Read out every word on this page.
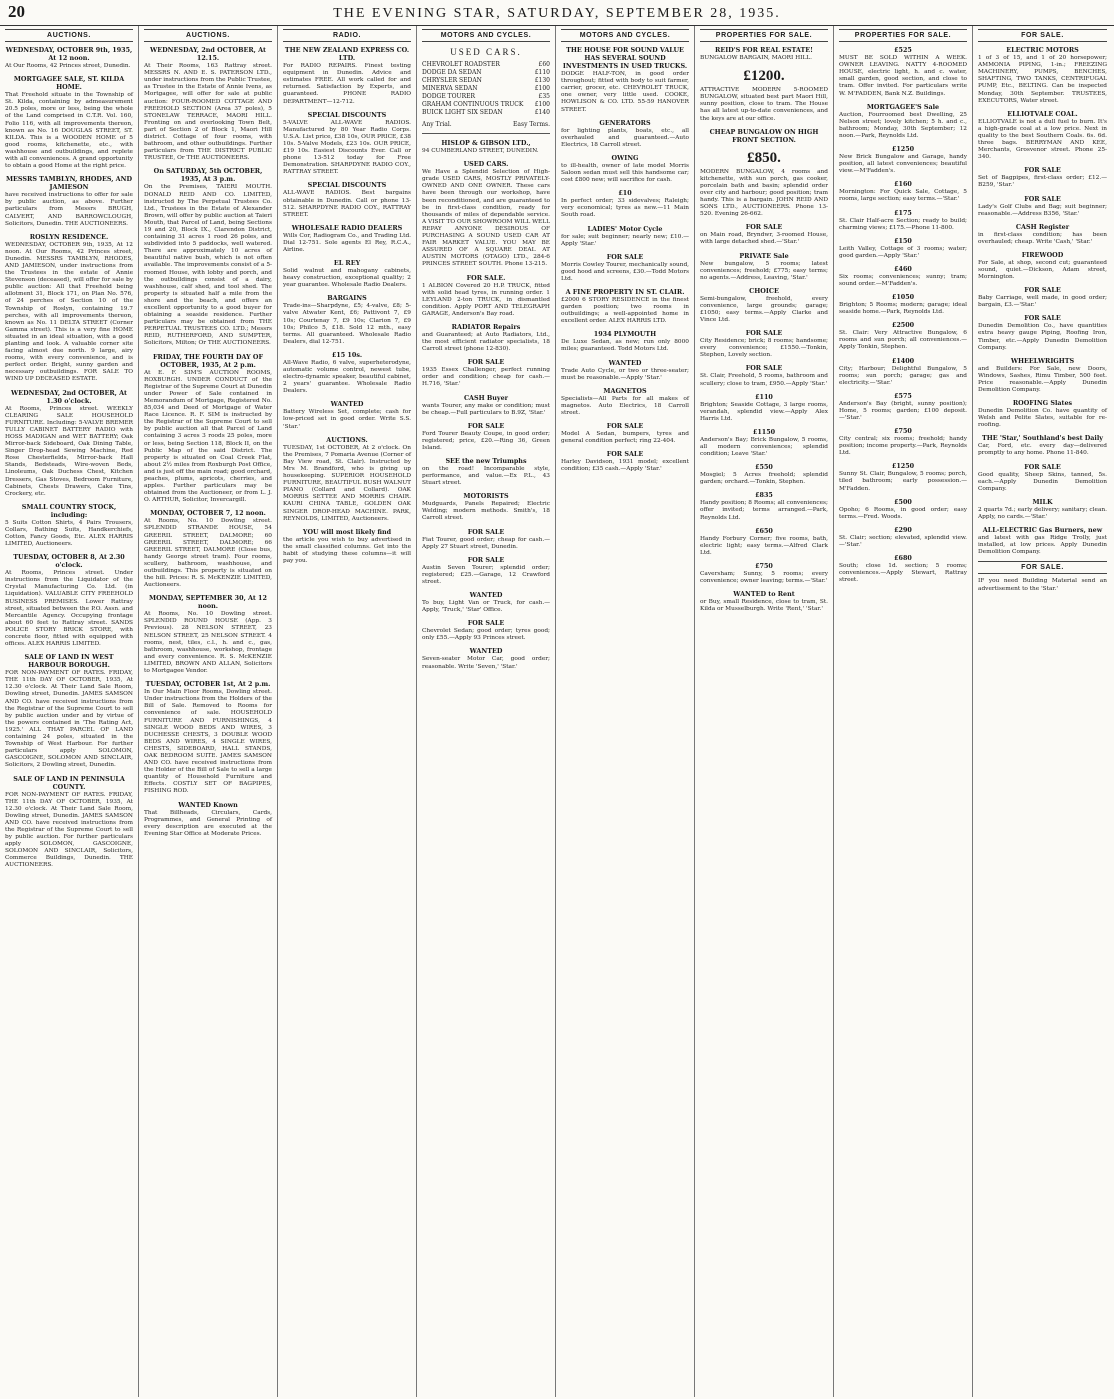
20	THE EVENING STAR, SATURDAY, SEPTEMBER 28, 1935.
AUCTIONS.
WEDNESDAY, OCTOBER 9th, 1935, At 12 noon.
At Our Rooms, 42 Princes street, Dunedin.
MORTGAGEE SALE, ST. KILDA HOME.
That Freehold situate in the Township of St. Kilda, containing by admeasurement 20.5 poles, more or less, being the whole of the Land comprised in C.T.R. Vol. 160, Folio 116, with all improvements thereon, known as No. 16 DOUGLAS STREET, ST. KILDA. This is a WOODEN HOME of 5 good rooms, kitchenette, etc., with washhouse and outbuildings, and replete with all conveniences. A grand opportunity to obtain a good Home at the right price.
MESSRS TAMBLYN, RHODES, AND JAMIESON
have received instructions to offer for sale by public auction, as above. Further particulars from Messrs BRUGH, CALVERT, AND BARROWCLOUGH, Solicitors, Dunedin. THE AUCTIONEERS.
ROSLYN RESIDENCE.
WEDNESDAY, OCTOBER 9th, 1935, At 12 noon. At Our Rooms, 42 Princes street, Dunedin. MESSRS TAMBLYN, RHODES, AND JAMIESON, under instructions from the Trustees in the estate of Annie Stevenson (deceased), will offer for sale by public auction: All that Freehold being allotment 31, Block 171, on Plan No. 576, of 24 perches of Section 10 of the Township of Roslyn, containing 19.7 perches, with all improvements thereon, known as No. 11 DELTA STREET (Corner Gamma street). This is a very fine HOME situated in an ideal situation, with a good planting and look. A valuable corner site facing almost due north. 9 large, airy rooms, with every convenience, and is perfect order. Bright, sunny garden and necessary outbuildings. FOR SALE TO WIND UP DECEASED ESTATE.
WEDNESDAY, 2nd OCTOBER, At 1.30 o'clock.
At Rooms, Princes street. WEEKLY CLEARING SALE HOUSEHOLD FURNITURE. Including: 5-VALVE BREMER TULLY CABINET BATTERY RADIO with HOSS MADIGAN and WET BATTERY; Oak Mirror-back Sideboard, Oak Dining Table, Singer Drop-head Sewing Machine, Red Rose Chesterfields, Mirror-back Hall Stands, Bedsteads, Wire-woven Beds, Linoleums, Oak Duchess Chest, Kitchen Dressers, Gas Stoves, Bedroom Furniture, Cabinets, Chests Drawers, Cake Tins, Crockery, etc.
SMALL COUNTRY STOCK, including:
5 Suits Cotton Shirts, 4 Pairs Trousers, Collars, Bathing Suits, Handkerchiefs, Cotton, Fancy Goods, Etc. ALEX HARRIS LIMITED, Auctioneers.
TUESDAY, OCTOBER 8, At 2.30 o'clock.
At Rooms, Princes street. Under instructions from the Liquidator of the Crystal Manufacturing Co. Ltd. (in Liquidation). VALUABLE CITY FREEHOLD BUSINESS PREMISES. Lower Rattray street, situated between the P.O. Assn. and Mercantile Agency. Occupying frontage about 60 feet to Rattray street. SANDS POLICE STORY BRICK STORE, with concrete floor, fitted with equipped with offices. ALEX HARRIS LIMITED.
SALE OF LAND IN WEST HARBOUR BOROUGH.
FOR NON-PAYMENT OF RATES. FRIDAY, THE 11th DAY OF OCTOBER, 1935, At 12.30 o'clock. At Their Land Sale Room, Dowling street, Dunedin. JAMES SAMSON AND CO. have received instructions from the Registrar of the Supreme Court to sell by public auction under and by virtue of the powers contained in 'The Rating Act, 1925.' ALL THAT PARCEL OF LAND containing 24 poles, situated in the Township of West Harbour. For further particulars apply SOLOMON, GASCOIGNE, SOLOMON AND SINCLAIR, Solicitors, 2 Dowling street, Dunedin.
SALE OF LAND IN PENINSULA COUNTY.
FOR NON-PAYMENT OF RATES. FRIDAY, THE 11th DAY OF OCTOBER, 1935, At 12.30 o'clock. At Their Land Sale Room, Dowling street, Dunedin. JAMES SAMSON AND CO. have received instructions from the Registrar of the Supreme Court to sell by public auction. For further particulars apply SOLOMON, GASCOIGNE, SOLOMON AND SINCLAIR, Solicitors, Commerce Buildings, Dunedin. THE AUCTIONEERS.
AUCTIONS.
WEDNESDAY, 2nd OCTOBER, At 12.15.
At Their Rooms, 163 Rattray street. MESSRS N. AND E. S. PATERSON LTD., under instructions from the Public Trustee, as Trustee in the Estate of Annie Ivens, as Mortgagee, will offer for sale at public auction: FOUR-ROOMED COTTAGE AND FREEHOLD SECTION (Area 37 poles), 5 STONELAW TERRACE, MAORI HILL. Fronting on and overlooking Town Belt, part of Section 2 of Block 1, Maori Hill district. Cottage of four rooms, with bathroom, and other outbuildings. Further particulars from THE DISTRICT PUBLIC TRUSTEE, Or THE AUCTIONEERS.
On SATURDAY, 5th OCTOBER, 1935, At 3 p.m.
On the Premises, TAIERI MOUTH. DONALD REID AND CO. LIMITED, instructed by The Perpetual Trustees Co. Ltd., Trustees in the Estate of Alexander Brown, will offer by public auction at Taieri Mouth, that Parcel of Land, being Sections 19 and 20, Block IX., Clarendon District, containing 31 acres 1 rood 26 poles, and subdivided into 5 paddocks, well watered. There are approximately 10 acres of beautiful native bush, which is not often available. The improvements consist of a 5-roomed House, with lobby and porch, and the outbuildings consist of a dairy, washhouse, calf shed, and tool shed. The property is situated half a mile from the shore and the beach, and offers an excellent opportunity to a good buyer for obtaining a seaside residence. Further particulars may be obtained from THE PERPETUAL TRUSTEES CO. LTD.; Messrs REID, RUTHERFORD, AND SUMPTER, Solicitors, Milton; Or THE AUCTIONEERS.
FRIDAY, THE FOURTH DAY OF OCTOBER, 1935, At 2 p.m.
At E. F. SIM'S AUCTION ROOMS, ROXBURGH. UNDER CONDUCT of the Registrar of the Supreme Court at Dunedin under Power of Sale contained in Memorandum of Mortgage, Registered No. 85,034 and Deed of Mortgage of Water Race Licence. R. F. SIM is instructed by the Registrar of the Supreme Court to sell by public auction all that Parcel of Land containing 3 acres 3 roods 25 poles, more or less, being Section 118, Block II, on the Public Map of the said District. The property is situated on Coal Creek Flat, about 2½ miles from Roxburgh Post Office, and is just off the main road; good orchard, peaches, plums, apricots, cherries, and apples. Further particulars may be obtained from the Auctioneer, or from L. J. O. ARTHUR, Solicitor, Invercargill.
MONDAY, OCTOBER 7, 12 noon.
At Rooms, No. 10 Dowling street. SPLENDID STRANDE HOUSE, 54 GREERIL STREET, DALMORE; 60 GREERIL STREET, DALMORE; 66 GREERIL STREET, DALMORE (Close bus, handy George street tram). Four rooms, scullery, bathroom, washhouse, and outbuildings. This property is situated on the hill. Prices: R. S. McKENZIE LIMITED, Auctioneers.
MONDAY, SEPTEMBER 30, At 12 noon.
At Rooms, No. 10 Dowling street. SPLENDID ROUND HOUSE (App. 3 Previous). 28 NELSON STREET, 23 NELSON STREET, 25 NELSON STREET. 4 rooms, nest, tiles, c.l., h. and c., gas, bathroom, washhouse, workshop, frontage and every convenience. R. S. McKENZIE LIMITED, BROWN AND ALLAN, Solicitors to Mortgagee Vendor.
TUESDAY, OCTOBER 1st, At 2 p.m.
In Our Main Floor Rooms, Dowling street. Under instructions from the Holders of the Bill of Sale. Removed to Rooms for convenience of sale. HOUSEHOLD FURNITURE AND FURNISHINGS, 4 SINGLE WOOD BEDS AND WIRES, 3 DUCHESSE CHESTS, 3 DOUBLE WOOD BEDS AND WIRES, 4 SINGLE WIRES, CHESTS, SIDEBOARD, HALL STANDS, OAK BEDROOM SUITE. JAMES SAMSON AND CO. have received instructions from the Holder of the Bill of Sale to sell a large quantity of Household Furniture and Effects. COSTLY SET OF BAGPIPES, FISHING ROD.
WANTED Known
That Billheads, Circulars, Cards, Programmes, and General Printing of every description are executed at the Evening Star Office at Moderate Prices.
RADIO.
THE NEW ZEALAND EXPRESS CO. LTD.
For RADIO REPAIRS. Finest testing equipment in Dunedin. Advice and estimates FREE. All work called for and returned. Satisfaction by Experts, and guaranteed. PHONE RADIO DEPARTMENT—12-712.
SPECIAL DISCOUNTS
5-VALVE ALL-WAVE RADIOS. Manufactured by 80 Year Radio Corps. U.S.A. List price, £38 10s, OUR PRICE, £38 10s. 5-Valve Models, £23 10s. OUR PRICE, £19 10s. Easiest Discounts Ever. Call or phone 13-512 today for Free Demonstration. SHARPDYNE RADIO COY., RATTRAY STREET.
SPECIAL DISCOUNTS
ALL-WAVE RADIOS. Best bargains obtainable in Dunedin. Call or phone 13-512. SHARPDYNE RADIO COY., RATTRAY STREET.
WHOLESALE RADIO DEALERS
Wills Cor, Radiogram Co., and Trading Ltd. Dial 12-751. Sole agents El Rey, R.C.A., Airline.
EL REY
Solid walnut and mahogany cabinets, heavy construction, exceptional quality; 2 year guarantee. Wholesale Radio Dealers.
BARGAINS
Trade-ins—Sharpdyne, £5; 4-valve, £8; 5-valve Atwater Kent, £6; Pattivont 7, £9 10s; Courtenay 7, £9 10s; Clarion 7, £9 10s; Philco 5, £18. Sold 12 mth., easy terms. All guaranteed. Wholesale Radio Dealers, dial 12-751.
£15 10s.
All-Wave Radio, 6 valve, superheterodyne, automatic volume control, newest tube, electro-dynamic speaker, beautiful cabinet, 2 years' guarantee. Wholesale Radio Dealers.
WANTED
Battery Wireless Set, complete; cash for low-priced set in good order. Write S.S. 'Star.'
AUCTIONS.
TUESDAY, 1st OCTOBER, At 2 o'clock. On the Premises, 7 Pomaria Avenue (Corner of Bay View road, St. Clair). Instructed by Mrs M. Brandford, who is giving up housekeeping. SUPERIOR HOUSEHOLD FURNITURE, BEAUTIFUL BUSH WALNUT PIANO (Collard and Collard). OAK MORRIS SETTEE AND MORRIS CHAIR. KAURI CHINA TABLE, GOLDEN OAK SINGER DROP-HEAD MACHINE. PARK, REYNOLDS, LIMITED, Auctioneers.
YOU will most likely find
the article you wish to buy advertised in the small classified columns. Get into the habit of studying these columns—it will pay you.
MOTORS AND CYCLES.
USED CARS.
CHEVROLET ROADSTER	£60
DODGE DA SEDAN	£110
CHRYSLER SEDAN	£130
MINERVA SEDAN	£100
DODGE TOURER	£35
GRAHAM CONTINUOUS TRUCK £100
BUICK LIGHT SIX SEDAN	£140
Any Trial.	Easy Terms.
HISLOP & GIBSON LTD.,
94 CUMBERLAND STREET, DUNEDIN.
USED CARS.
We Have a Splendid Selection of High-grade USED CARS, MOSTLY PRIVATELY-OWNED AND ONE OWNER. These cars have been through our workshop, have been reconditioned, and are guaranteed to be in first-class condition, ready for thousands of miles of dependable service. A VISIT TO OUR SHOWROOM WILL WELL REPAY ANYONE DESIROUS OF PURCHASING A SOUND USED CAR AT FAIR MARKET VALUE. YOU MAY BE ASSURED OF A SQUARE DEAL AT AUSTIN MOTORS (OTAGO) LTD., 284-6 PRINCES STREET SOUTH. Phone 13-215.
FOR SALE.
1 ALBION Covered 20 H.P. TRUCK, fitted with solid head tyres, in running order. 1 LEYLAND 2-ton TRUCK, in dismantled condition. Apply PORT AND TELEGRAPH GARAGE, Anderson's Bay road.
RADIATOR Repairs
and Guaranteed; at Auto Radiators, Ltd., the most efficient radiator specialists, 18 Carroll street (phone 12-830).
FOR SALE
1935 Essex Challenger, perfect running order and condition; cheap for cash.—H.716, 'Star.'
CASH Buyer
wants Tourer, any make or condition; must be cheap.—Full particulars to B.9Z, 'Star.'
FOR SALE
Ford Tourer Beauty Coupe, in good order; registered; price, £20.—Ring 36, Green Island.
SEE the new Triumphs
on the road! Incomparable style, performance, and value.—Ex P.L., 43 Stuart street.
MOTORISTS
Mudguards, Panels Repaired; Electric Welding; modern methods. Smith's, 18 Carroll street.
FOR SALE
Fiat Tourer, good order; cheap for cash.—Apply 27 Stuart street, Dunedin.
FOR SALE
Austin Seven Tourer; splendid order; registered; £25.—Garage, 12 Crawford street.
WANTED
To buy, Light Van or Truck, for cash.—Apply, 'Truck,' 'Star' Office.
FOR SALE
Chevrolet Sedan; good order; tyres good; only £55.—Apply 93 Princes street.
WANTED
Seven-seater Motor Car, good order; reasonable. Write 'Seven,' 'Star.'
MOTORS AND CYCLES.
THE HOUSE FOR SOUND VALUE HAS SEVERAL SOUND INVESTMENTS IN USED TRUCKS.
DODGE HALF-TON, in good order throughout; fitted with body to suit farmer, carrier, grocer, etc. CHEVROLET TRUCK, one owner, very little used. COOKE, HOWLISON & CO. LTD. 55-59 HANOVER STREET.
GENERATORS
for lighting plants, boats, etc., all overhauled and guaranteed.—Auto Electrics, 18 Carroll street.
OWING
to ill-health, owner of late model Morris Saloon sedan must sell this handsome car; cost £800 new; will sacrifice for cash.
£10
In perfect order; 33 sidevalves; Raleigh; very economical; tyres as new.—11 Main South road.
LADIES' Motor Cycle
for sale; suit beginner; nearly new; £10.—Apply 'Star.'
FOR SALE
Morris Cowley Tourer, mechanically sound, good hood and screens, £30.—Todd Motors Ltd.
A FINE PROPERTY IN ST. CLAIR.
£2000 6 STORY RESIDENCE in the finest garden position; two rooms in outbuildings; a well-appointed home in excellent order. ALEX HARRIS LTD.
1934 PLYMOUTH
De Luxe Sedan, as new; run only 8000 miles; guaranteed. Todd Motors Ltd.
WANTED
Trade Auto Cycle, or two or three-seater; must be reasonable.—Apply 'Star.'
MAGNETOS
Specialists—All Parts for all makes of magnetos. Auto Electrics, 18 Carroll street.
FOR SALE
Model A Sedan, bumpers, tyres and general condition perfect; ring 22-404.
FOR SALE
Harley Davidson, 1931 model; excellent condition; £35 cash.—Apply 'Star.'
PROPERTIES FOR SALE.
REID'S FOR REAL ESTATE!
BUNGALOW BARGAIN, MAORI HILL.
£1200.
ATTRACTIVE MODERN 5-ROOMED BUNGALOW, situated best part Maori Hill, sunny position, close to tram. The House has all latest up-to-date conveniences, and the keys are at our office.
CHEAP BUNGALOW ON HIGH FRONT SECTION.
£850.
MODERN BUNGALOW, 4 rooms and kitchenette, with sun porch, gas cooker, porcelain bath and basin; splendid order over city and harbour; good position; tram handy. This is a bargain. JOHN REID AND SONS LTD., AUCTIONEERS. Phone 13-520. Evening 26-662.
FOR SALE
on Main road, Bryndwr, 3-roomed House, with large detached shed.—'Star.'
PRIVATE Sale
New bungalow, 5 rooms; latest conveniences; freehold; £775; easy terms; no agents.—Address, Leaving, 'Star.'
CHOICE
Semi-bungalow, freehold, every convenience, large grounds; garage; £1050; easy terms.—Apply Clarke and Vince Ltd.
FOR SALE
City Residence; brick; 8 rooms; handsome; every convenience; £1550.—Tonkin, Stephen, Lovely section.
FOR SALE
St. Clair, Freehold, 5 rooms, bathroom and scullery; close to tram, £950.—Apply 'Star.'
£110
Brighton; Seaside Cottage, 3 large rooms, verandah, splendid view.—Apply Alex Harris Ltd.
£1150
Anderson's Bay; Brick Bungalow, 5 rooms, all modern conveniences; splendid condition; Leave 'Star.'
£550
Mosgiel; 5 Acres freehold; splendid garden; orchard.—Tonkin, Stephen.
£835
Handy position; 8 Rooms; all conveniences; offer invited; terms arranged.—Park, Reynolds Ltd.
£650
Handy Forbury Corner; five rooms, bath, electric light; easy terms.—Alfred Clark Ltd.
£750
Caversham; Sunny, 5 rooms; every convenience; owner leaving; terms.—'Star.'
WANTED to Rent
or Buy, small Residence, close to tram, St. Kilda or Musselburgh. Write 'Rent,' 'Star.'
PROPERTIES FOR SALE.
£525
MUST BE SOLD WITHIN A WEEK. OWNER LEAVING. NATTY 4-ROOMED HOUSE, electric light, h. and c. water, small garden, good section, and close to tram. Offer invited. For particulars write W. M'FADDEN, Bank N.Z. Buildings.
MORTGAGEE'S Sale
Auction, Fourroomed best Dwelling, 25 Nelson street; lovely kitchen; 5 h. and c., bathroom; Monday, 30th September; 12 noon.—Park, Reynolds Ltd.
£1250
New Brick Bungalow and Garage, handy position, all latest conveniences; beautiful view.—M'Fadden's.
£160
Mornington: For Quick Sale, Cottage, 5 rooms, large section; easy terms.—'Star.'
£175
St. Clair Half-acre Section; ready to build; charming views; £175.—Phone 11-800.
£150
Leith Valley, Cottage of 3 rooms; water; good garden.—Apply 'Star.'
£460
Six rooms; conveniences; sunny; tram; sound order.—M'Fadden's.
£1050
Brighton; 5 Rooms; modern; garage; ideal seaside home.—Park, Reynolds Ltd.
£2500
St. Clair: Very Attractive Bungalow, 6 rooms and sun porch; all conveniences.—Apply Tonkin, Stephen.
£1400
City; Harbour; Delightful Bungalow, 5 rooms; sun porch; garage; gas and electricity.—'Star.'
£575
Anderson's Bay (bright, sunny position); Home, 5 rooms; garden; £100 deposit.—'Star.'
£750
City central; six rooms; freehold; handy position; income property.—Park, Reynolds Ltd.
£1250
Sunny St. Clair, Bungalow, 5 rooms; porch, tiled bathroom; early possession.—M'Fadden.
£500
Opoho; 6 Rooms, in good order; easy terms.—Fred. Woods.
£290
St. Clair; section; elevated, splendid view.—'Star.'
£680
South; close 1d. section; 5 rooms; conveniences.—Apply Stewart, Rattray street.
FOR SALE.
ELECTRIC MOTORS
1 of 3 of 15, and 1 of 20 horsepower; AMMONIA PIPING, 1-in.; FREEZING MACHINERY, PUMPS, BENCHES, SHAFTING, TWO TANKS, CENTRIFUGAL PUMP, Etc., BELTING. Can be inspected Monday, 30th September. TRUSTEES, EXECUTORS, Water street.
ELLIOTVALE COAL.
ELLIOTVALE is not a dull fuel to burn. It's a high-grade coal at a low price. Next in quality to the best Southern Coals. 6s. 6d. three bags. BERRYMAN AND KEE, Merchants, Grosvenor street. Phone 25-340.
FOR SALE
Set of Bagpipes, first-class order; £12.—B259, 'Star.'
FOR SALE
Lady's Golf Clubs and Bag; suit beginner; reasonable.—Address B356, 'Star.'
CASH Register
in first-class condition; has been overhauled; cheap. Write 'Cash,' 'Star.'
FIREWOOD
For Sale, at shop, second cut; guaranteed sound, quiet.—Dickson, Adam street, Mornington.
FOR SALE
Baby Carriage, well made, in good order; bargain, £3.—'Star.'
FOR SALE
Dunedin Demolition Co., have quantities extra heavy gauge Piping, Roofing Iron, Timber, etc.—Apply Dunedin Demolition Company.
WHEELWRIGHTS
and Builders: For Sale, new Doors, Windows, Sashes, Rimu Timber, 500 feet. Price reasonable.—Apply Dunedin Demolition Company.
ROOFING Slates
Dunedin Demolition Co. have quantity of Welsh and Pelite Slates, suitable for re-roofing.
THE 'Star,' Southland's best Daily
Car, Ford, etc. every day—delivered promptly to any home. Phone 11-840.
FOR SALE
Good quality, Sheep Skins, tanned, 5s. each.—Apply Dunedin Demolition Company.
MILK
2 quarts 7d.; early delivery; sanitary; clean. Apply, no cards.—'Star.'
ALL-ELECTRIC Gas Burners, new
and latest with gas Ridge Trolly, just installed, at low prices. Apply Dunedin Demolition Company.
FOR SALE.
IF you need Building Material send an advertisement to the 'Star.'
